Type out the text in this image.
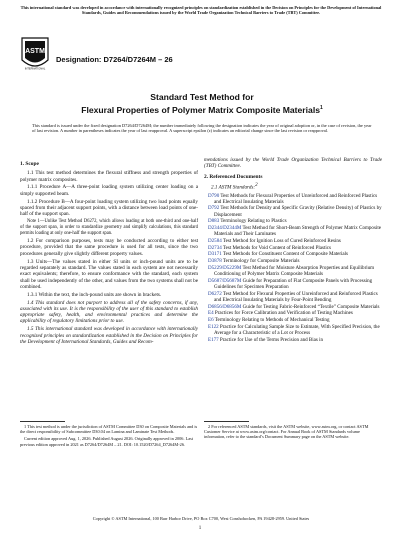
This international standard was developed in accordance with internationally recognized principles on standardization established in the Decision on Principles for the Development of International Standards, Guides and Recommendations issued by the World Trade Organization Technical Barriers to Trade (TBT) Committee.
ASTM
INTERNATIONAL
Designation: D7264/D7264M – 26
Standard Test Method for
Flexural Properties of Polymer Matrix Composite Materials$^1$
This standard is issued under the fixed designation D7264/D7264M; the number immediately following the designation indicates the year of original adoption or, in the case of revision, the year of last revision. A number in parentheses indicates the year of last reapproval. A superscript epsilon (ε) indicates an editorial change since the last revision or reapproval.
1. Scope

1.1 This test method determines the flexural stiffness and strength properties of polymer matrix composites.

1.1.1 Procedure A—A three-point loading system utilizing center loading on a simply supported beam.

1.1.2 Procedure B—A four-point loading system utilizing two load points equally spaced from their adjacent support points, with a distance between load points of one-half of the support span.

Note 1—Unlike Test Method D6272, which allows loading at both one-third and one-half of the support span, in order to standardize geometry and simplify calculations, this standard permits loading at only one-half the support span.

1.2 For comparison purposes, tests may be conducted according to either test procedure, provided that the same procedure is used for all tests, since the two procedures generally give slightly different property values.

1.3 Units—The values stated in either SI units or inch-pound units are to be regarded separately as standard. The values stated in each system are not necessarily exact equivalents; therefore, to ensure conformance with the standard, each system shall be used independently of the other, and values from the two systems shall not be combined.

1.3.1 Within the text, the inch-pound units are shown in brackets.

1.4 This standard does not purport to address all of the safety concerns, if any, associated with its use. It is the responsibility of the user of this standard to establish appropriate safety, health, and environmental practices and determine the applicability of regulatory limitations prior to use.

1.5 This international standard was developed in accordance with internationally recognized principles on standardization established in the Decision on Principles for the Development of International Standards, Guides and Recom-

mendations issued by the World Trade Organization Technical Barriers to Trade (TBT) Committee.

2. Referenced Documents

2.1 ASTM Standards:2

D790 Test Methods for Flexural Properties of Unreinforced and Reinforced Plastics and Electrical Insulating Materials
D792 Test Methods for Density and Specific Gravity (Relative Density) of Plastics by Displacement
D883 Terminology Relating to Plastics
D2344/D2344M Test Method for Short-Beam Strength of Polymer Matrix Composite Materials and Their Laminates
D2584 Test Method for Ignition Loss of Cured Reinforced Resins
D2734 Test Methods for Void Content of Reinforced Plastics
D3171 Test Methods for Constituent Content of Composite Materials
D3878 Terminology for Composite Materials
D5229/D5229M Test Method for Moisture Absorption Properties and Equilibrium Conditioning of Polymer Matrix Composite Materials
D5687/D5687M Guide for Preparation of Flat Composite Panels with Processing Guidelines for Specimen Preparation
D6272 Test Method for Flexural Properties of Unreinforced and Reinforced Plastics and Electrical Insulating Materials by Four-Point Bending
D6856/D6856M Guide for Testing Fabric-Reinforced “Textile” Composite Materials
E4 Practices for Force Calibration and Verification of Testing Machines
E6 Terminology Relating to Methods of Mechanical Testing
E122 Practice for Calculating Sample Size to Estimate, With Specified Precision, the Average for a Characteristic of a Lot or Process
E177 Practice for Use of the Terms Precision and Bias in

1 This test method is under the jurisdiction of ASTM Committee D30 on Composite Materials and is the direct responsibility of Subcommittee D30.04 on Lamina and Laminate Test Methods.

Current edition approved Aug. 1, 2026. Published August 2026. Originally approved in 2006. Last previous edition approved in 2021 as D7264/D7264M – 21. DOI: 10.1520/D7264_D7264M-26.

2 For referenced ASTM standards, visit the ASTM website, www.astm.org, or contact ASTM Customer Service at www.astm.org/contact. For Annual Book of ASTM Standards volume information, refer to the standard’s Document Summary page on the ASTM website.

Copyright © ASTM International, 100 Barr Harbor Drive, PO Box C700, West Conshohocken, PA 19428-2959. United States
1
